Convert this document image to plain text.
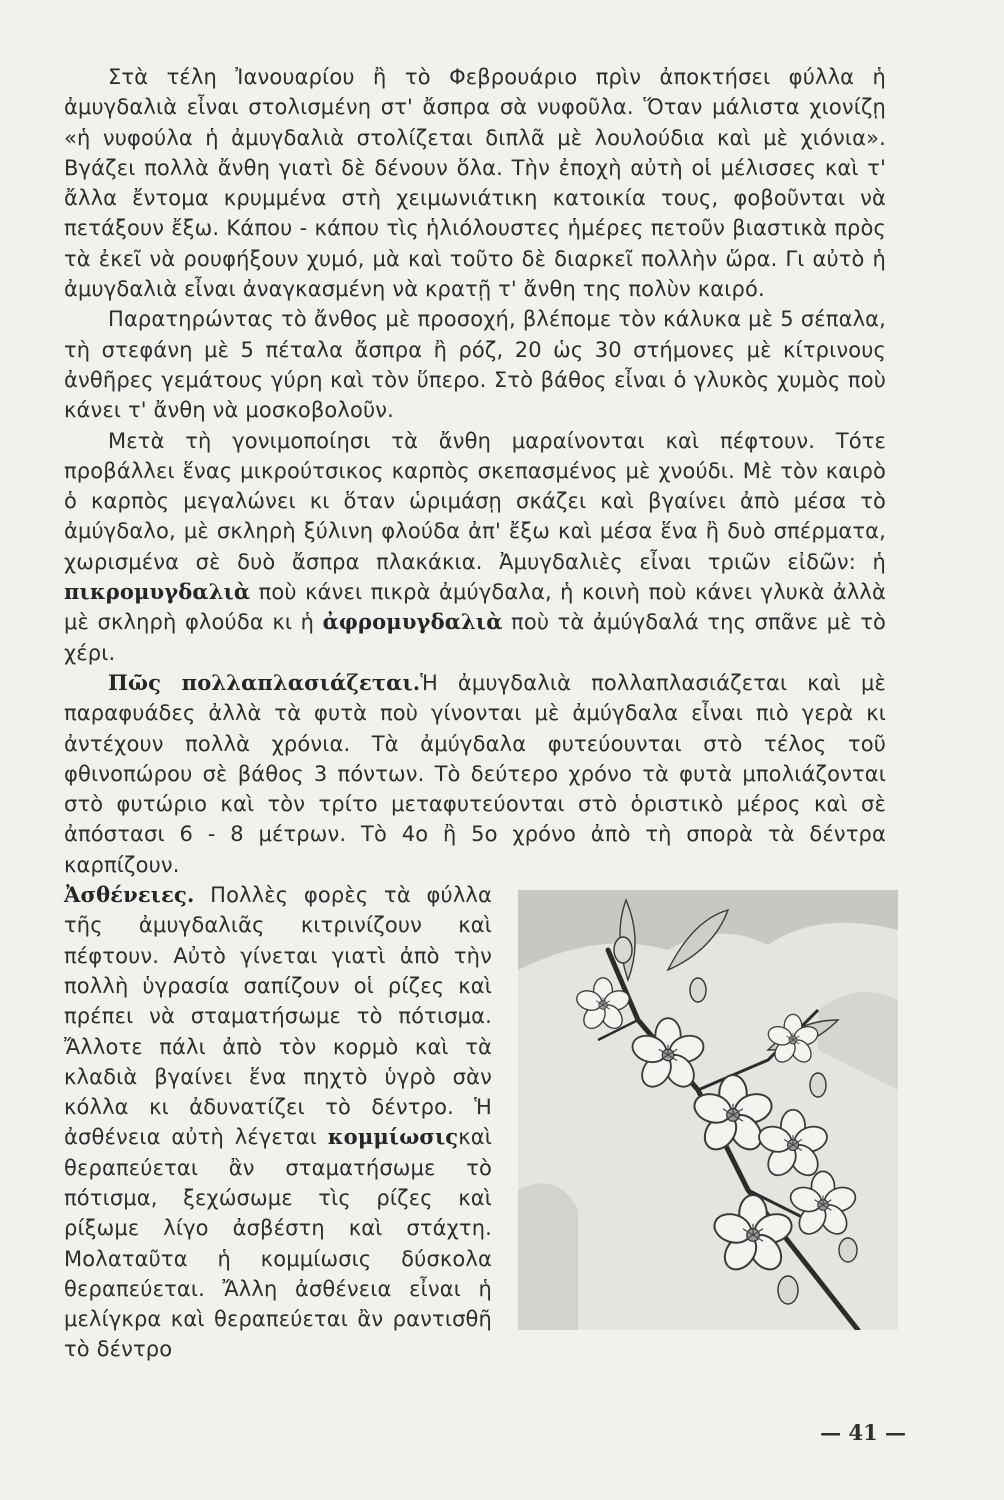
Στὰ τέλη Ἰανουαρίου ἢ τὸ Φεβρουάριο πρὶν ἀποκτήσει φύλλα ἡ ἀμυγδαλιὰ εἶναι στολισμένη στ' ἄσπρα σὰ νυφοῦλα. Ὅταν μάλιστα χιονίζῃ «ἡ νυφούλα ἡ ἀμυγδαλιὰ στολίζεται διπλᾶ μὲ λουλούδια καὶ μὲ χιόνια». Βγάζει πολλὰ ἄνθη γιατὶ δὲ δένουν ὅλα. Τὴν ἐποχὴ αὐτὴ οἱ μέλισσες καὶ τ' ἄλλα ἔντομα κρυμμένα στὴ χειμωνιάτικη κατοικία τους, φοβοῦνται νὰ πετάξουν ἔξω. Κάπου - κάπου τὶς ἡλιόλουστες ἡμέρες πετοῦν βιαστικὰ πρὸς τὰ ἐκεῖ νὰ ρουφήξουν χυμό, μὰ καὶ τοῦτο δὲ διαρκεῖ πολλὴν ὥρα. Γι αὐτὸ ἡ ἀμυγδαλιὰ εἶναι ἀναγκασμένη νὰ κρατῇ τ' ἄνθη της πολὺν καιρό.

Παρατηρώντας τὸ ἄνθος μὲ προσοχή, βλέπομε τὸν κάλυκα μὲ 5 σέπαλα, τὴ στεφάνη μὲ 5 πέταλα ἄσπρα ἢ ρόζ, 20 ὡς 30 στήμονες μὲ κίτρινους ἀνθῆρες γεμάτους γύρη καὶ τὸν ὕπερο. Στὸ βάθος εἶναι ὁ γλυκὸς χυμὸς ποὺ κάνει τ' ἄνθη νὰ μοσκοβολοῦν.

Μετὰ τὴ γονιμοποίησι τὰ ἄνθη μαραίνονται καὶ πέφτουν. Τότε προβάλλει ἕνας μικρούτσικος καρπὸς σκεπασμένος μὲ χνούδι. Μὲ τὸν καιρὸ ὁ καρπὸς μεγαλώνει κι ὅταν ὡριμάσῃ σκάζει καὶ βγαίνει ἀπὸ μέσα τὸ ἀμύγδαλο, μὲ σκληρὴ ξύλινη φλούδα ἀπ' ἔξω καὶ μέσα ἕνα ἢ δυὸ σπέρματα, χωρισμένα σὲ δυὸ ἄσπρα πλακάκια. Ἀμυγδαλιὲς εἶναι τριῶν εἰδῶν: ἡ πικρομυγδαλιὰ ποὺ κάνει πικρὰ ἀμύγδαλα, ἡ κοινὴ ποὺ κάνει γλυκὰ ἀλλὰ μὲ σκληρὴ φλούδα κι ἡ ἀφρομυγδαλιὰ ποὺ τὰ ἀμύγδαλά της σπᾶνε μὲ τὸ χέρι.

Πῶς πολλαπλασιάζεται.Ἡ ἀμυγδαλιὰ πολλαπλασιάζεται καὶ μὲ παραφυάδες ἀλλὰ τὰ φυτὰ ποὺ γίνονται μὲ ἀμύγδαλα εἶναι πιὸ γερὰ κι ἀντέχουν πολλὰ χρόνια. Τὰ ἀμύγδαλα φυτεύουνται στὸ τέλος τοῦ φθινοπώρου σὲ βάθος 3 πόντων. Τὸ δεύτερο χρόνο τὰ φυτὰ μπολιάζονται στὸ φυτώριο καὶ τὸν τρίτο μεταφυτεύονται στὸ ὁριστικὸ μέρος καὶ σὲ ἀπόστασι 6 - 8 μέτρων. Τὸ 4ο ἢ 5ο χρόνο ἀπὸ τὴ σπορὰ τὰ δέντρα καρπίζουν.

Ἀσθένειες. Πολλὲς φορὲς τὰ φύλλα τῆς ἀμυγδαλιᾶς κιτρινίζουν καὶ πέφτουν. Αὐτὸ γίνεται γιατὶ ἀπὸ τὴν πολλὴ ὑγρασία σαπίζουν οἱ ρίζες καὶ πρέπει νὰ σταματήσωμε τὸ πότισμα. Ἄλλοτε πάλι ἀπὸ τὸν κορμὸ καὶ τὰ κλαδιὰ βγαίνει ἕνα πηχτὸ ὑγρὸ σὰν κόλλα κι ἀδυνατίζει τὸ δέντρο. Ἡ ἀσθένεια αὐτὴ λέγεται κομμίωσιςκαὶ θεραπεύεται ἂν σταματήσωμε τὸ πότισμα, ξεχώσωμε τὶς ρίζες καὶ ρίξωμε λίγο ἀσβέστη καὶ στάχτη. Μολαταῦτα ἡ κομμίωσις δύσκολα θεραπεύεται. Ἄλλη ἀσθένεια εἶναι ἡ μελίγκρα καὶ θεραπεύεται ἂν ραντισθῆ τὸ δέντρο

— 41 —
